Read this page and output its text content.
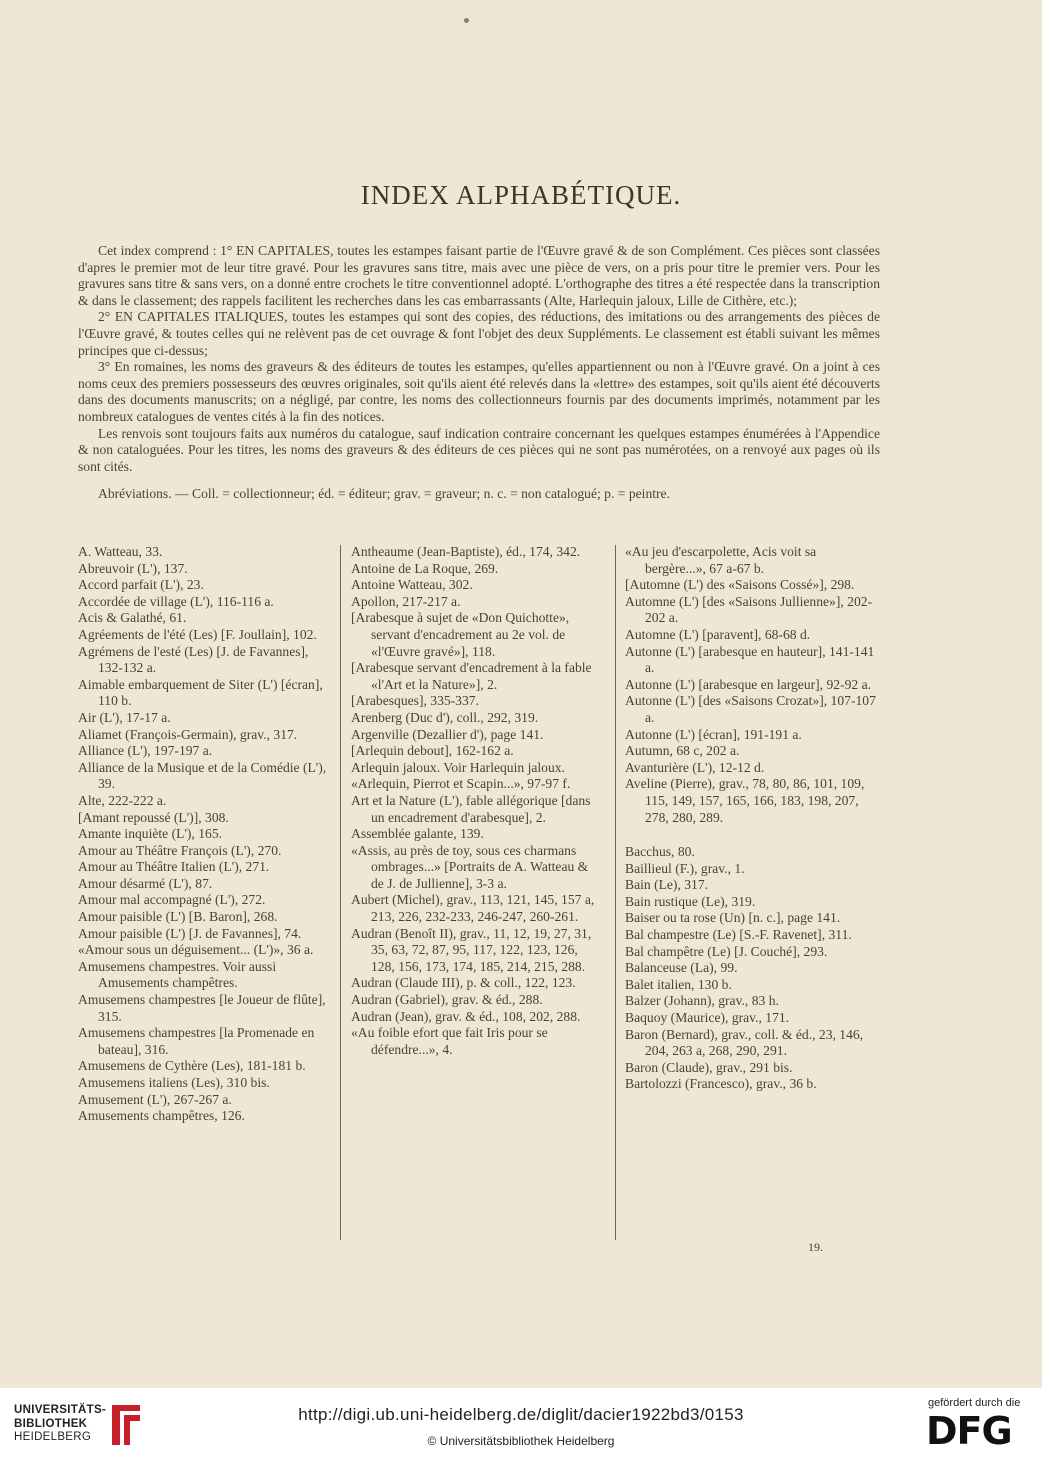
INDEX ALPHABÉTIQUE.

Cet index comprend : 1° EN CAPITALES, toutes les estampes faisant partie de l'Œuvre gravé & de son Complément. Ces pièces sont classées d'apres le premier mot de leur titre gravé. Pour les gravures sans titre, mais avec une pièce de vers, on a pris pour titre le premier vers. Pour les gravures sans titre & sans vers, on a donné entre crochets le titre conventionnel adopté. L'orthographe des titres a été respectée dans la transcription & dans le classement; des rappels facilitent les recherches dans les cas embarrassants (Alte, Harlequin jaloux, Lille de Cithère, etc.);

2° EN CAPITALES ITALIQUES, toutes les estampes qui sont des copies, des réductions, des imitations ou des arrangements des pièces de l'Œuvre gravé, & toutes celles qui ne relèvent pas de cet ouvrage & font l'objet des deux Suppléments. Le classement est établi suivant les mêmes principes que ci-dessus;

3° En romaines, les noms des graveurs & des éditeurs de toutes les estampes, qu'elles appartiennent ou non à l'Œuvre gravé. On a joint à ces noms ceux des premiers possesseurs des œuvres originales, soit qu'ils aient été relevés dans la «lettre» des estampes, soit qu'ils aient été découverts dans des documents manuscrits; on a négligé, par contre, les noms des collectionneurs fournis par des documents imprimés, notamment par les nombreux catalogues de ventes cités à la fin des notices.

Les renvois sont toujours faits aux numéros du catalogue, sauf indication contraire concernant les quelques estampes énumérées à l'Appendice & non cataloguées. Pour les titres, les noms des graveurs & des éditeurs de ces pièces qui ne sont pas numérotées, on a renvoyé aux pages où ils sont cités.

Abréviations. — Coll. = collectionneur; éd. = éditeur; grav. = graveur; n. c. = non catalogué; p. = peintre.

A. Watteau, 33.
Abreuvoir (L'), 137.
Accord parfait (L'), 23.
Accordée de village (L'), 116-116 a.
Acis & Galathé, 61.
Agréements de l'été (Les) [F. Joullain], 102.
Agrémens de l'esté (Les) [J. de Favannes], 132-132 a.
Aimable embarquement de Siter (L') [écran], 110 b.
Air (L'), 17-17 a.
Aliamet (François-Germain), grav., 317.
Alliance (L'), 197-197 a.
Alliance de la Musique et de la Comédie (L'), 39.
Alte, 222-222 a.
[Amant repoussé (L')], 308.
Amante inquiète (L'), 165.
Amour au Théâtre François (L'), 270.
Amour au Théâtre Italien (L'), 271.
Amour désarmé (L'), 87.
Amour mal accompagné (L'), 272.
Amour paisible (L') [B. Baron], 268.
Amour paisible (L') [J. de Favannes], 74.
«Amour sous un déguisement... (L')», 36 a.
Amusemens champestres. Voir aussi Amusements champêtres.
Amusemens champestres [le Joueur de flûte], 315.
Amusemens champestres [la Promenade en bateau], 316.
Amusemens de Cythère (Les), 181-181 b.
Amusemens italiens (Les), 310 bis.
Amusement (L'), 267-267 a.
Amusements champêtres, 126.
Antheaume (Jean-Baptiste), éd., 174, 342.
Antoine de La Roque, 269.
Antoine Watteau, 302.
Apollon, 217-217 a.
[Arabesque à sujet de «Don Quichotte», servant d'encadrement au 2e vol. de «l'Œuvre gravé»], 118.
[Arabesque servant d'encadrement à la fable «l'Art et la Nature»], 2.
[Arabesques], 335-337.
Arenberg (Duc d'), coll., 292, 319.
Argenville (Dezallier d'), page 141.
[Arlequin debout], 162-162 a.
Arlequin jaloux. Voir Harlequin jaloux.
«Arlequin, Pierrot et Scapin...», 97-97 f.
Art et la Nature (L'), fable allégorique [dans un encadrement d'arabesque], 2.
Assemblée galante, 139.
«Assis, au près de toy, sous ces charmans ombrages...» [Portraits de A. Watteau & de J. de Jullienne], 3-3 a.
Aubert (Michel), grav., 113, 121, 145, 157 a, 213, 226, 232-233, 246-247, 260-261.
Audran (Benoît II), grav., 11, 12, 19, 27, 31, 35, 63, 72, 87, 95, 117, 122, 123, 126, 128, 156, 173, 174, 185, 214, 215, 288.
Audran (Claude III), p. & coll., 122, 123.
Audran (Gabriel), grav. & éd., 288.
Audran (Jean), grav. & éd., 108, 202, 288.
«Au foible efort que fait Iris pour se défendre...», 4.
«Au jeu d'escarpolette, Acis voit sa bergère...», 67 a-67 b.
[Automne (L') des «Saisons Cossé»], 298.
Automne (L') [des «Saisons Jullienne»], 202-202 a.
Automne (L') [paravent], 68-68 d.
Autonne (L') [arabesque en hauteur], 141-141 a.
Autonne (L') [arabesque en largeur], 92-92 a.
Autonne (L') [des «Saisons Crozat»], 107-107 a.
Autonne (L') [écran], 191-191 a.
Autumn, 68 c, 202 a.
Avanturière (L'), 12-12 d.
Aveline (Pierre), grav., 78, 80, 86, 101, 109, 115, 149, 157, 165, 166, 183, 198, 207, 278, 280, 289.
Bacchus, 80.
Baillieul (F.), grav., 1.
Bain (Le), 317.
Bain rustique (Le), 319.
Baiser ou ta rose (Un) [n. c.], page 141.
Bal champestre (Le) [S.-F. Ravenet], 311.
Bal champêtre (Le) [J. Couché], 293.
Balanceuse (La), 99.
Balet italien, 130 b.
Balzer (Johann), grav., 83 h.
Baquoy (Maurice), grav., 171.
Baron (Bernard), grav., coll. & éd., 23, 146, 204, 263 a, 268, 290, 291.
Baron (Claude), grav., 291 bis.
Bartolozzi (Francesco), grav., 36 b.
19.
UNIVERSITÄTS-
BIBLIOTHEK
HEIDELBERG
http://digi.ub.uni-heidelberg.de/diglit/dacier1922bd3/0153
© Universitätsbibliothek Heidelberg
gefördert durch die
DFG
